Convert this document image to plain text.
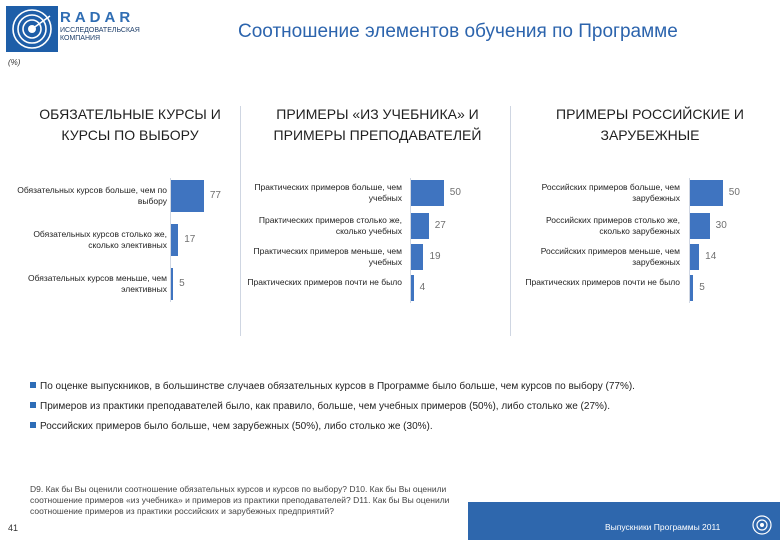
RADAR
ИССЛЕДОВАТЕЛЬСКАЯ КОМПАНИЯ	Соотношение элементов обучения по Программе
(%)
ОБЯЗАТЕЛЬНЫЕ КУРСЫ И КУРСЫ ПО ВЫБОРУ
Обязательных курсов больше, чем по выбору	77
Обязательных курсов столько же, сколько элективных 17
Обязательных курсов меньше, чем элективных 5
ПРИМЕРЫ «ИЗ УЧЕБНИКА» И ПРИМЕРЫ ПРЕПОДАВАТЕЛЕЙ
Практических примеров больше, чем учебных	50
Практических примеров столько же, сколько учебных	27
Практических примеров меньше, чем учебных	19
Практических примеров почти не было 4
ПРИМЕРЫ РОССИЙСКИЕ И ЗАРУБЕЖНЫЕ
Российских примеров больше, чем зарубежных	50
Российских примеров столько же, сколько зарубежных	30
Российских примеров меньше, чем зарубежных	14
Практических примеров почти не было 5
По оценке выпускников, в большинстве случаев обязательных курсов в Программе было больше, чем курсов по выбору (77%).
Примеров из практики преподавателей было, как правило, больше, чем учебных примеров (50%), либо столько же (27%).
Российских примеров было больше, чем зарубежных (50%), либо столько же (30%).
D9. Как бы Вы оценили соотношение обязательных курсов и курсов по выбору? D10. Как бы Вы оценили соотношение примеров «из учебника» и примеров из практики преподавателей? D11. Как бы Вы оценили соотношение примеров из практики российских и зарубежных предприятий?
41	Выпускники Программы 2011
